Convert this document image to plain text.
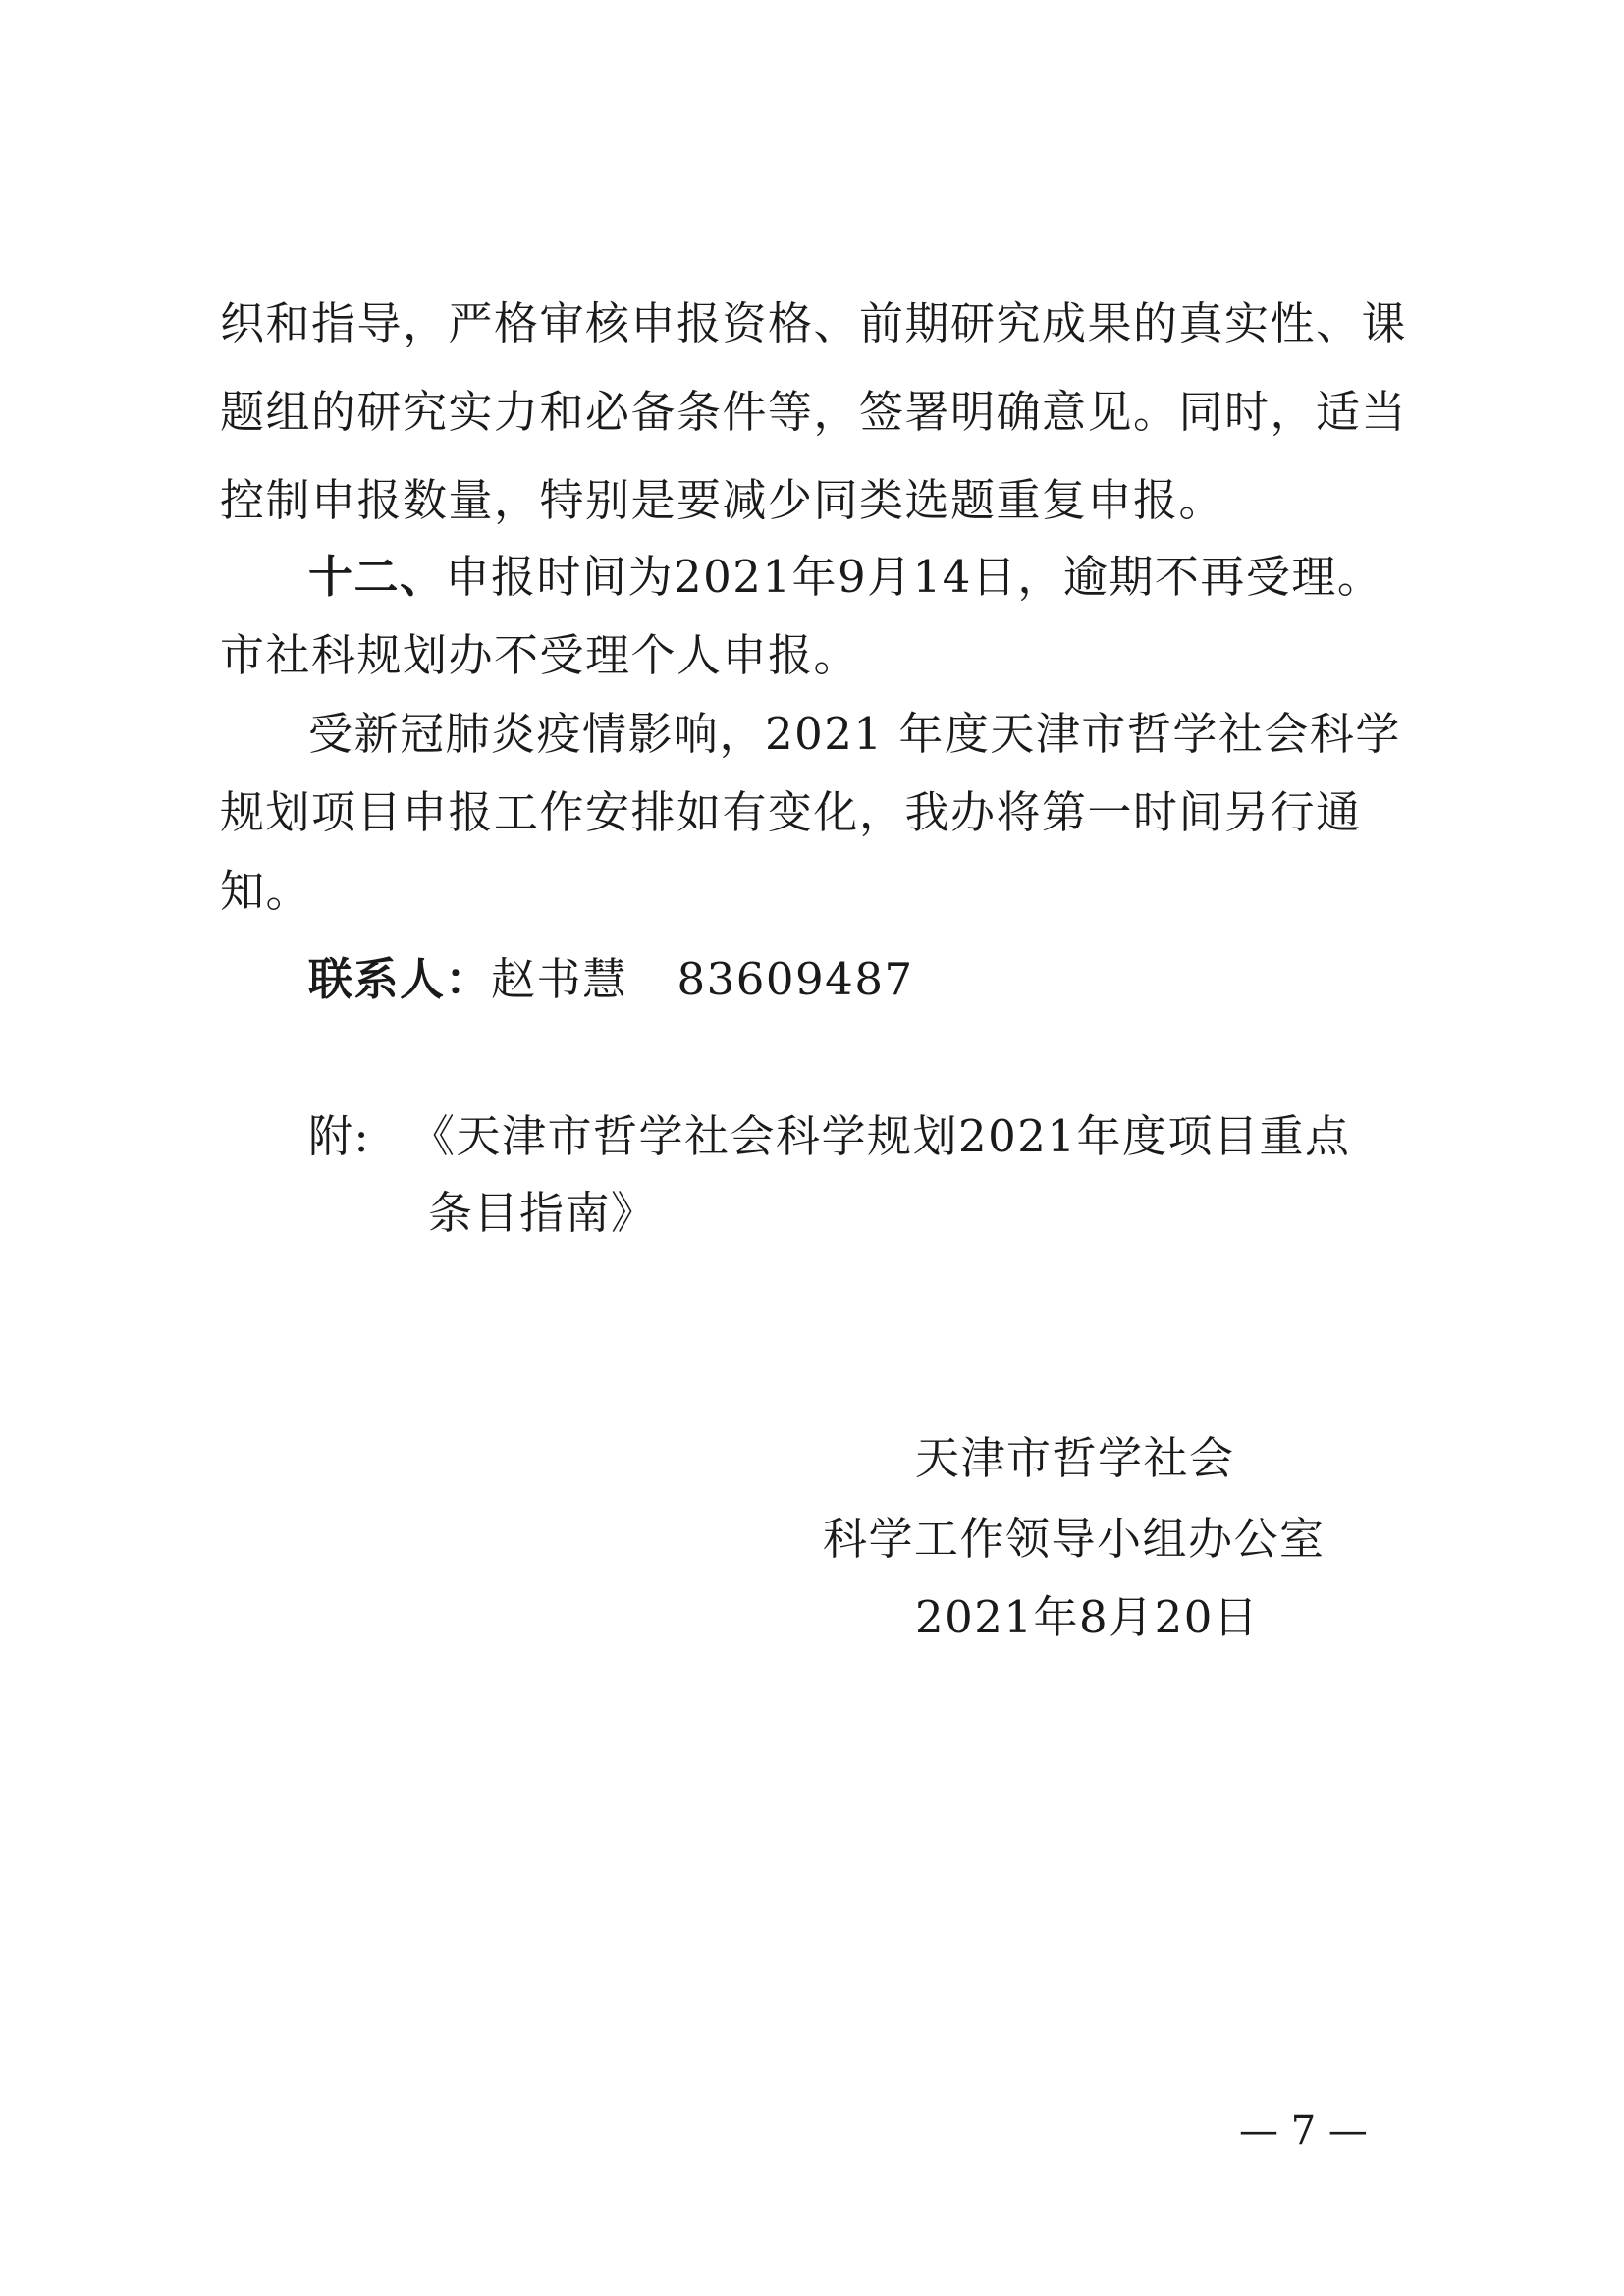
织和指导，严格审核申报资格、前期研究成果的真实性、课
题组的研究实力和必备条件等，签署明确意见。同时，适当
控制申报数量，特别是要减少同类选题重复申报。
十二、申报时间为2021年9月14日，逾期不再受理。
市社科规划办不受理个人申报。
受新冠肺炎疫情影响，2021 年度天津市哲学社会科学
规划项目申报工作安排如有变化，我办将第一时间另行通
知。
联系人：赵书慧 83609487
附: 《天津市哲学社会科学规划2021年度项目重点
条目指南》
天津市哲学社会
科学工作领导小组办公室
2021年8月20日
— 7 —
